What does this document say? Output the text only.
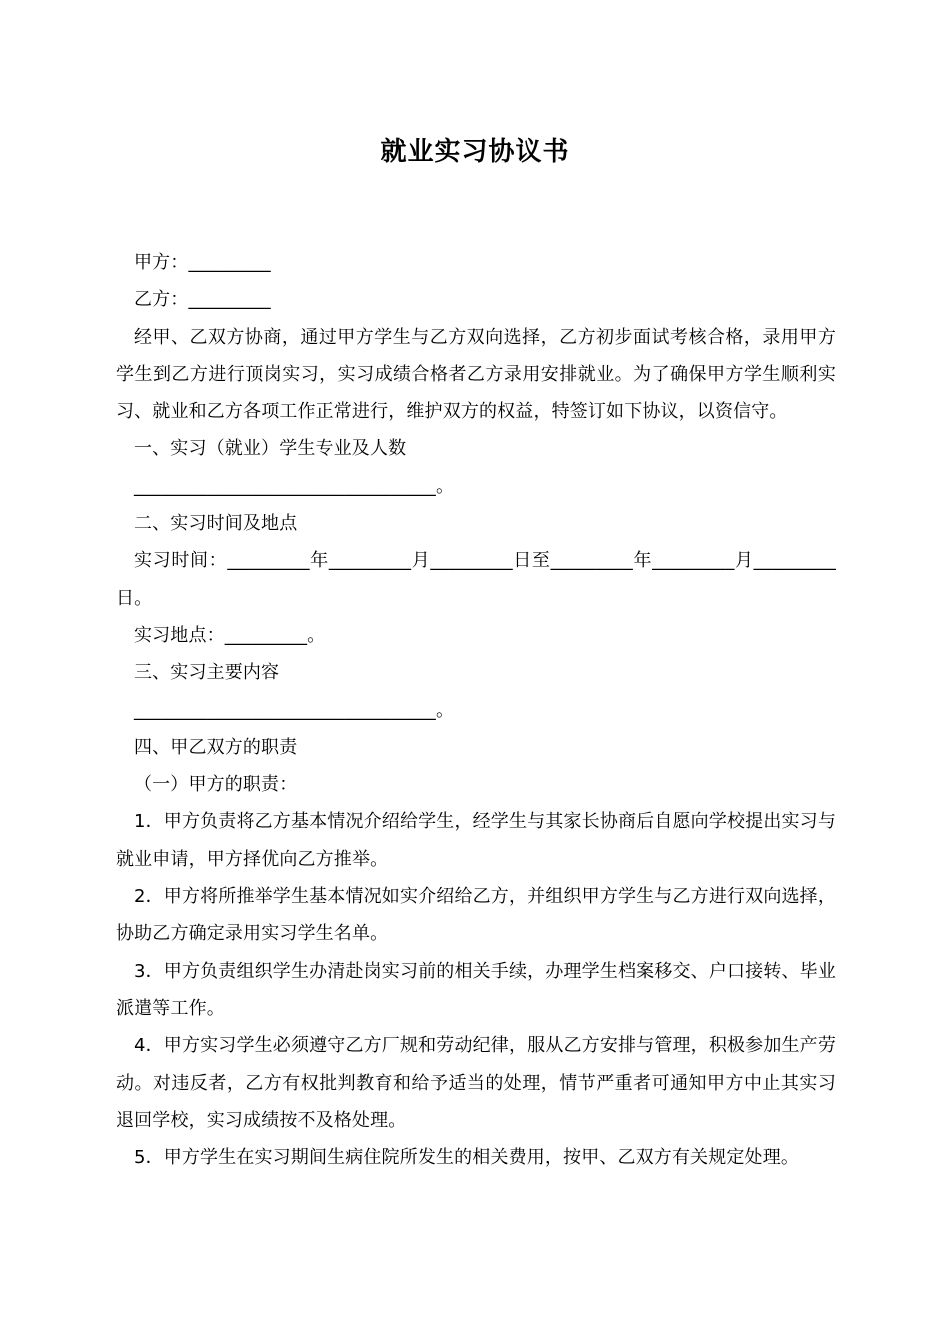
就业实习协议书

甲方：_________

乙方：_________

经甲、乙双方协商，通过甲方学生与乙方双向选择，乙方初步面试考核合格，录用甲方学生到乙方进行顶岗实习，实习成绩合格者乙方录用安排就业。为了确保甲方学生顺利实习、就业和乙方各项工作正常进行，维护双方的权益，特签订如下协议，以资信守。

一、实习（就业）学生专业及人数

_________________________________。

二、实习时间及地点

实习时间：_________年_________月_________日至_________年_________月_________日。

实习地点：_________。

三、实习主要内容

_________________________________。

四、甲乙双方的职责

（一）甲方的职责：

1．甲方负责将乙方基本情况介绍给学生，经学生与其家长协商后自愿向学校提出实习与就业申请，甲方择优向乙方推举。

2．甲方将所推举学生基本情况如实介绍给乙方，并组织甲方学生与乙方进行双向选择，协助乙方确定录用实习学生名单。

3．甲方负责组织学生办清赴岗实习前的相关手续，办理学生档案移交、户口接转、毕业派遣等工作。

4．甲方实习学生必须遵守乙方厂规和劳动纪律，服从乙方安排与管理，积极参加生产劳动。对违反者，乙方有权批判教育和给予适当的处理，情节严重者可通知甲方中止其实习退回学校，实习成绩按不及格处理。

5．甲方学生在实习期间生病住院所发生的相关费用，按甲、乙双方有关规定处理。
